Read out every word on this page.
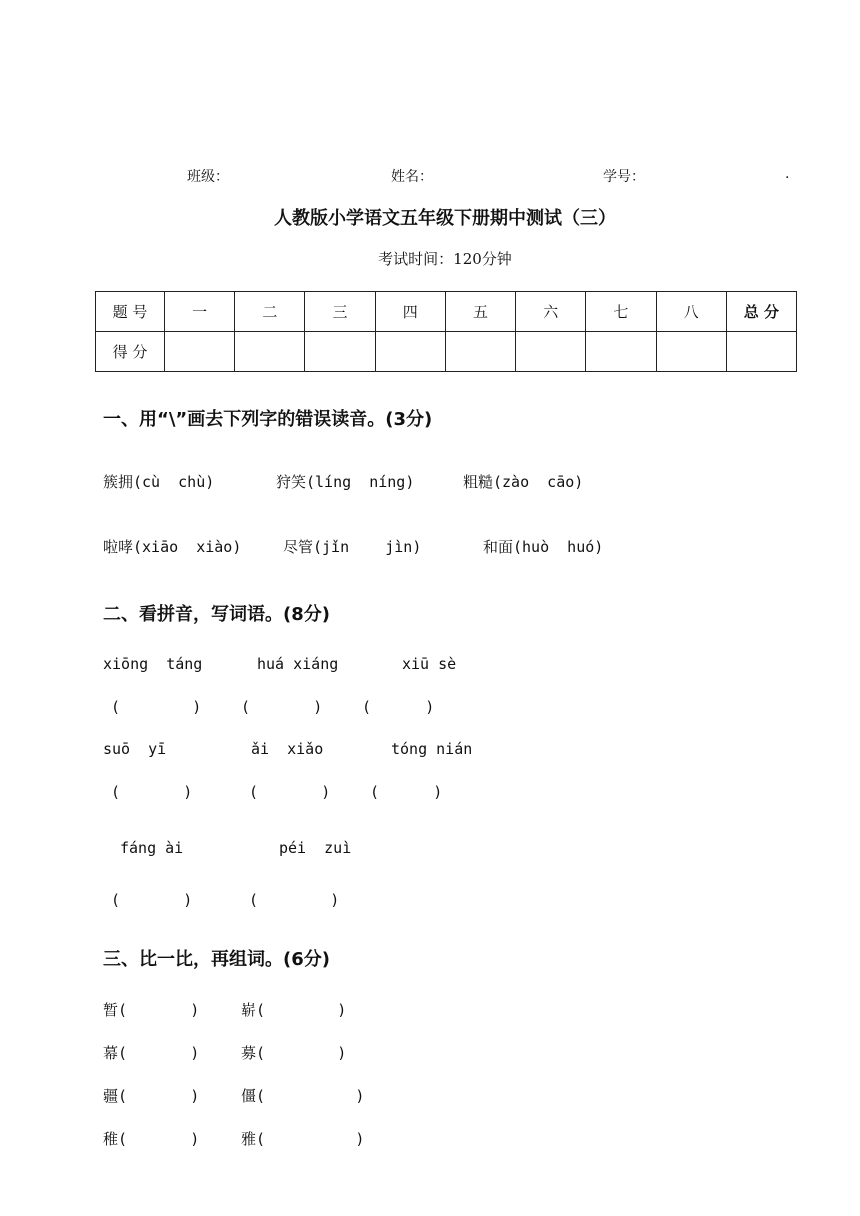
班级：	姓名：	学号：	.
人教版小学语文五年级下册期中测试（三）
考试时间：120分钟
题 号	一	二	三	四	五	六	七	八	总 分
得 分									
一、用“\”画去下列字的错误读音。(3分)
簇拥(cù  chù)	狩笑(líng  níng)	粗糙(zào  cāo)
啦哮(xiāo  xiào)	尽管(jǐn    jìn)	和面(huò  huó)
二、看拼音，写词语。(8分)
xiōng  táng	huá xiáng	xiū sè
(        )	(       )	(      )
suō  yī	ǎi  xiǎo	tóng nián
(       )	(       )	(      )
fáng ài	péi  zuì
(       )	(        )
三、比一比，再组词。(6分)
暂(       )	崭(        )
幕(       )	募(        )
疆(       )	僵(          )
稚(       )	雅(          )
